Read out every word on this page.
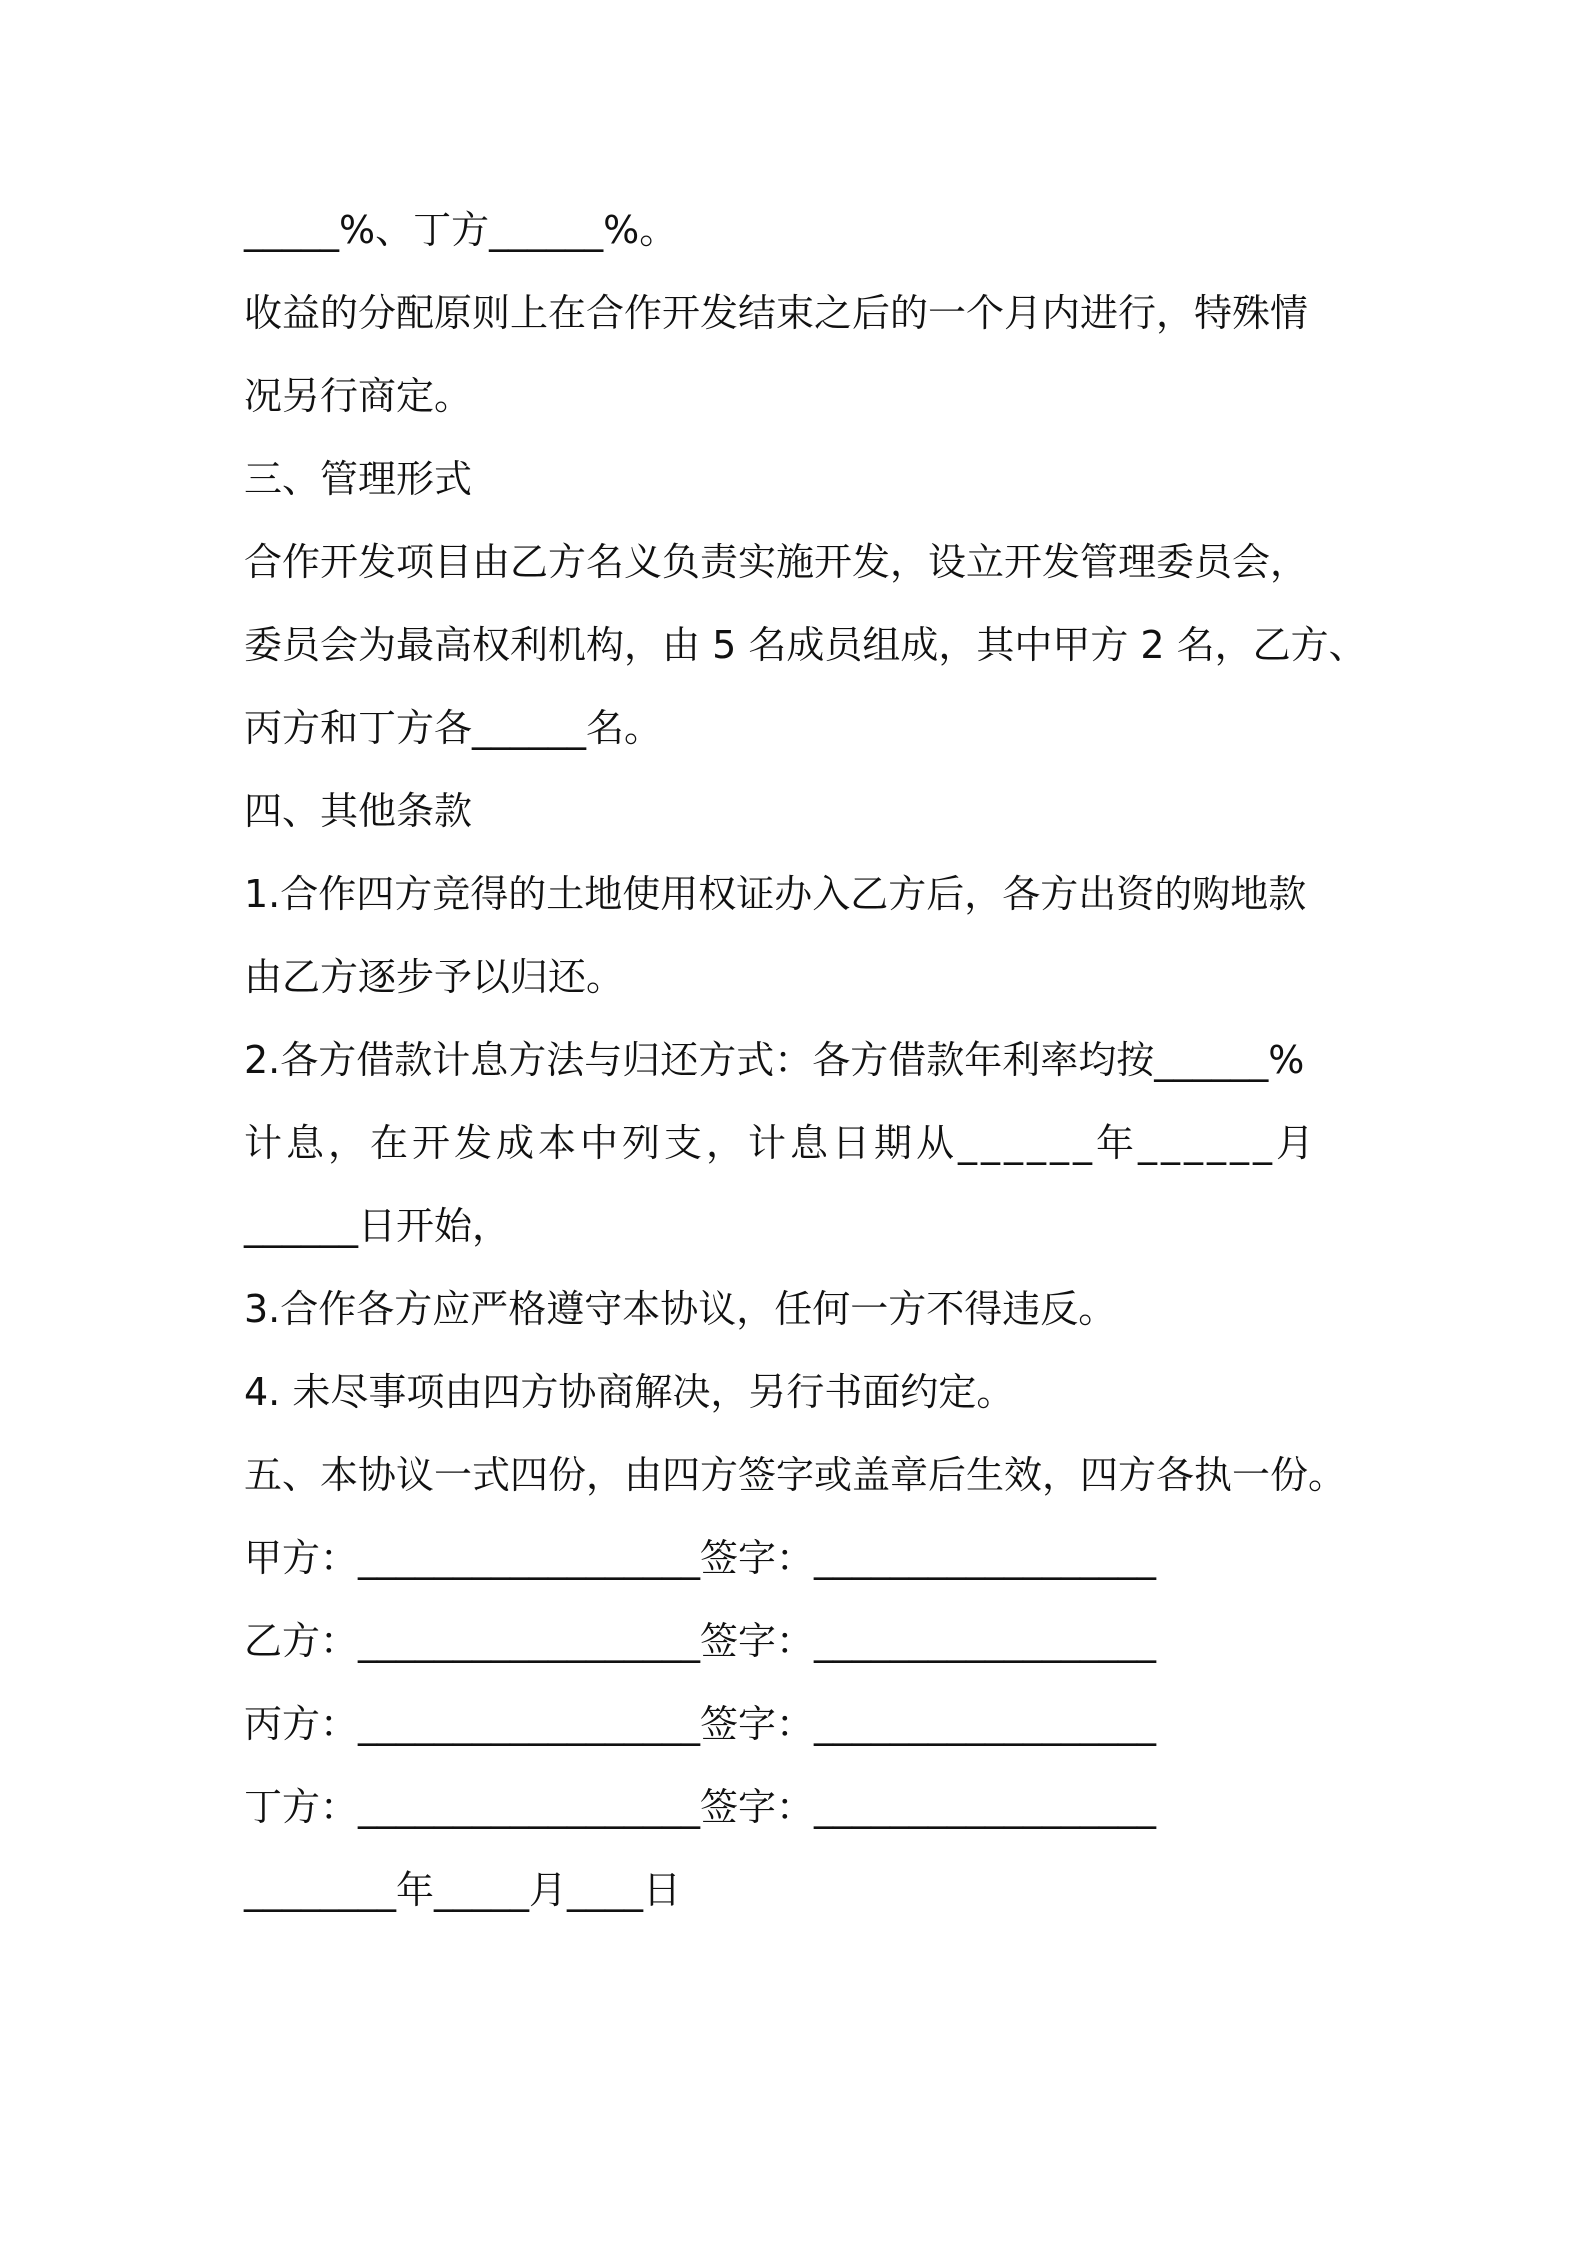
_____%、丁方______%。
收益的分配原则上在合作开发结束之后的一个月内进行，特殊情
况另行商定。
三、管理形式
合作开发项目由乙方名义负责实施开发，设立开发管理委员会，
委员会为最高权利机构，由 5 名成员组成，其中甲方 2 名，乙方、
丙方和丁方各______名。
四、其他条款
1.合作四方竞得的土地使用权证办入乙方后，各方出资的购地款
由乙方逐步予以归还。
2.各方借款计息方法与归还方式：各方借款年利率均按______%
计息，在开发成本中列支，计息日期从______年______月
______日开始，
3.合作各方应严格遵守本协议，任何一方不得违反。
4. 未尽事项由四方协商解决，另行书面约定。
五、本协议一式四份，由四方签字或盖章后生效，四方各执一份。
甲方：__________________签字：__________________
乙方：__________________签字：__________________
丙方：__________________签字：__________________
丁方：__________________签字：__________________
________年_____月____日
